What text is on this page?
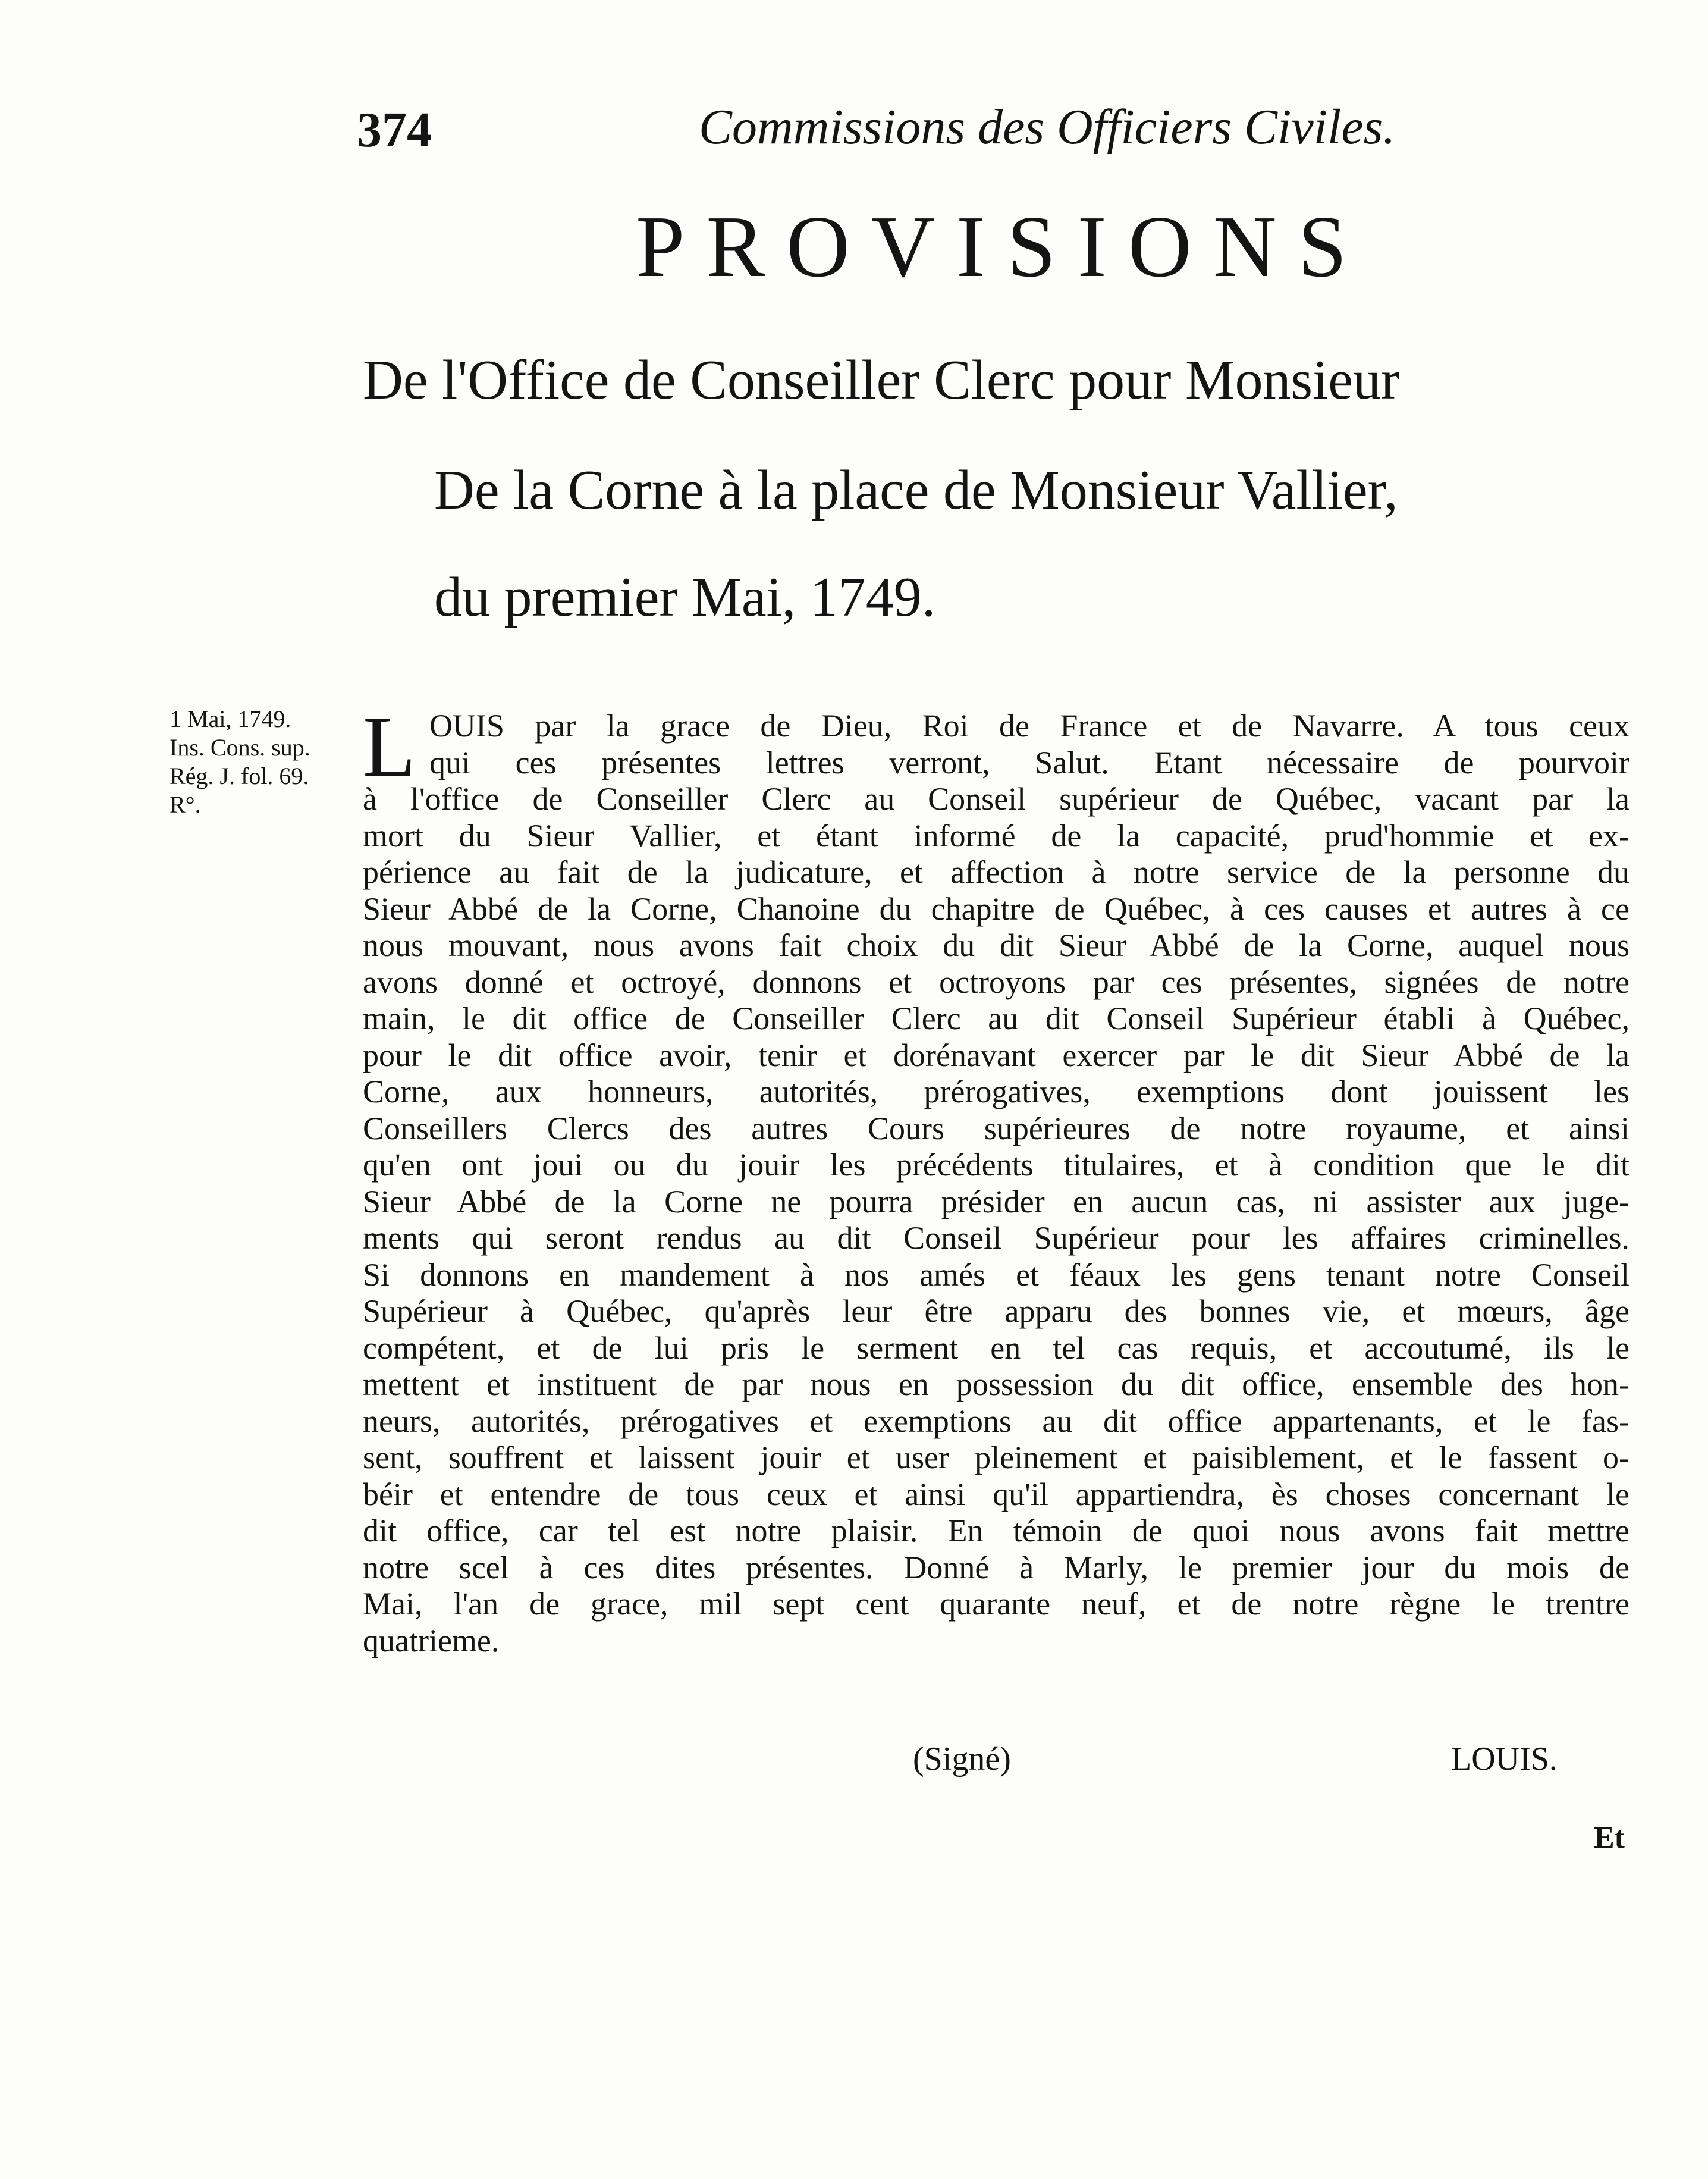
374	Commissions des Officiers Civiles.
PROVISIONS
De l'Office de Conseiller Clerc pour Monsieur
De la Corne à la place de Monsieur Vallier,
du premier Mai, 1749.
1 Mai, 1749.
Ins. Cons. sup.
Rég. J. fol. 69.
R°.
L OUIS par la grace de Dieu, Roi de France et de Navarre. A tous ceux
qui ces présentes lettres verront, Salut. Etant nécessaire de pourvoir
à l'office de Conseiller Clerc au Conseil supérieur de Québec, vacant par la
mort du Sieur Vallier, et étant informé de la capacité, prud'hommie et ex-
périence au fait de la judicature, et affection à notre service de la personne du
Sieur Abbé de la Corne, Chanoine du chapitre de Québec, à ces causes et autres à ce
nous mouvant, nous avons fait choix du dit Sieur Abbé de la Corne, auquel nous
avons donné et octroyé, donnons et octroyons par ces présentes, signées de notre
main, le dit office de Conseiller Clerc au dit Conseil Supérieur établi à Québec,
pour le dit office avoir, tenir et dorénavant exercer par le dit Sieur Abbé de la
Corne, aux honneurs, autorités, prérogatives, exemptions dont jouissent les
Conseillers Clercs des autres Cours supérieures de notre royaume, et ainsi
qu'en ont joui ou du jouir les précédents titulaires, et à condition que le dit
Sieur Abbé de la Corne ne pourra présider en aucun cas, ni assister aux juge-
ments qui seront rendus au dit Conseil Supérieur pour les affaires criminelles.
Si donnons en mandement à nos amés et féaux les gens tenant notre Conseil
Supérieur à Québec, qu'après leur être apparu des bonnes vie, et mœurs, âge
compétent, et de lui pris le serment en tel cas requis, et accoutumé, ils le
mettent et instituent de par nous en possession du dit office, ensemble des hon-
neurs, autorités, prérogatives et exemptions au dit office appartenants, et le fas-
sent, souffrent et laissent jouir et user pleinement et paisiblement, et le fassent o-
béir et entendre de tous ceux et ainsi qu'il appartiendra, ès choses concernant le
dit office, car tel est notre plaisir. En témoin de quoi nous avons fait mettre
notre scel à ces dites présentes. Donné à Marly, le premier jour du mois de
Mai, l'an de grace, mil sept cent quarante neuf, et de notre règne le trentre
quatrieme.
(Signé)	LOUIS.
Et
